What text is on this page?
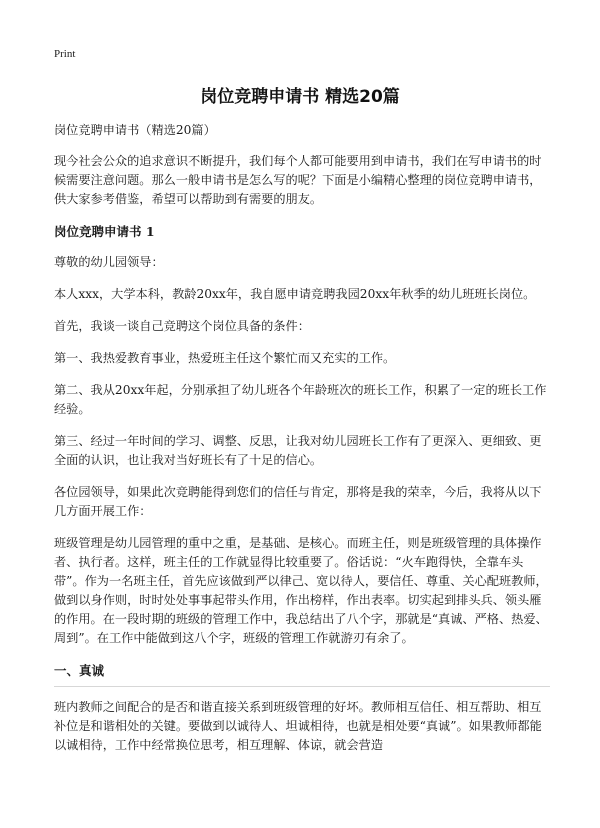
Print
岗位竞聘申请书 精选20篇

岗位竞聘申请书（精选20篇）

现今社会公众的追求意识不断提升，我们每个人都可能要用到申请书，我们在写申请书的时候需要注意问题。那么一般申请书是怎么写的呢？下面是小编精心整理的岗位竞聘申请书，供大家参考借鉴，希望可以帮助到有需要的朋友。

岗位竞聘申请书 1

尊敬的幼儿园领导：

本人xxx，大学本科，教龄20xx年，我自愿申请竞聘我园20xx年秋季的幼儿班班长岗位。

首先，我谈一谈自己竞聘这个岗位具备的条件：

第一、我热爱教育事业，热爱班主任这个繁忙而又充实的工作。

第二、我从20xx年起，分别承担了幼儿班各个年龄班次的班长工作，积累了一定的班长工作经验。

第三、经过一年时间的学习、调整、反思，让我对幼儿园班长工作有了更深入、更细致、更全面的认识，也让我对当好班长有了十足的信心。

各位园领导，如果此次竞聘能得到您们的信任与肯定，那将是我的荣幸，今后，我将从以下几方面开展工作：

班级管理是幼儿园管理的重中之重，是基础、是核心。而班主任，则是班级管理的具体操作者、执行者。这样，班主任的工作就显得比较重要了。俗话说：“火车跑得快，全靠车头带”。作为一名班主任，首先应该做到严以律己、宽以待人，要信任、尊重、关心配班教师，做到以身作则，时时处处事事起带头作用，作出榜样，作出表率。切实起到排头兵、领头雁的作用。在一段时期的班级的管理工作中，我总结出了八个字，那就是“真诚、严格、热爱、周到”。在工作中能做到这八个字，班级的管理工作就游刃有余了。

一、真诚

班内教师之间配合的是否和谐直接关系到班级管理的好坏。教师相互信任、相互帮助、相互补位是和谐相处的关键。要做到以诚待人、坦诚相待，也就是相处要“真诚”。如果教师都能以诚相待，工作中经常换位思考，相互理解、体谅，就会营造
